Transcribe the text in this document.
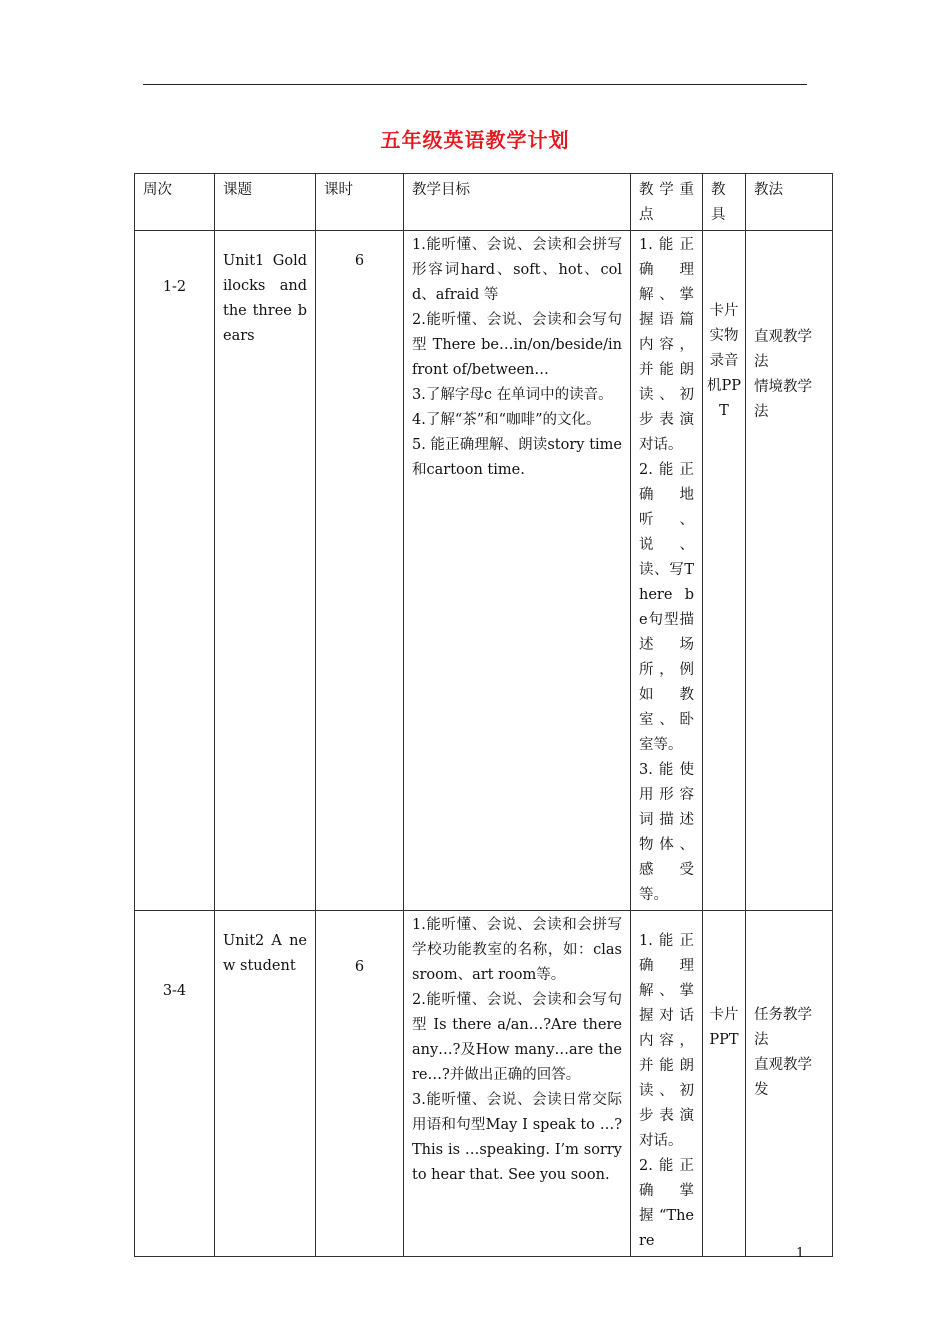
五年级英语教学计划
周次	课题	课时	教学目标	教学重点	教具	教法
1-2	Unit1 Goldilocks and the three bears	6	1.能听懂、会说、会读和会拼写形容词hard、soft、hot、cold、afraid 等
2.能听懂、会说、会读和会写句型 There be…in/on/beside/in front of/between…
3.了解字母c 在单词中的读音。
4.了解“茶”和“咖啡”的文化。
5. 能正确理解、朗读story time 和cartoon time.	1.能正确理解、掌握语篇内容，并能朗读、初步表演对话。
2.能正确地听、说、读、写There be句型描述场所，例如教室、卧室等。
3.能使用形容词描述物体、感受等。	卡片实物录音机PPT	直观教学法
情境教学法
3-4	Unit2 A new student	6	1.能听懂、会说、会读和会拼写学校功能教室的名称，如：classroom、art room等。
2.能听懂、会说、会读和会写句型 Is there a/an…?Are there any…?及How many…are there…?并做出正确的回答。
3.能听懂、会说、会读日常交际用语和句型May I speak to …? This is …speaking. I’m sorry to hear that. See you soon.	1.能正确理解、掌握对话内容，并能朗读、初步表演对话。
2.能正确掌握“There	卡片PPT	任务教学法
直观教学发
1
